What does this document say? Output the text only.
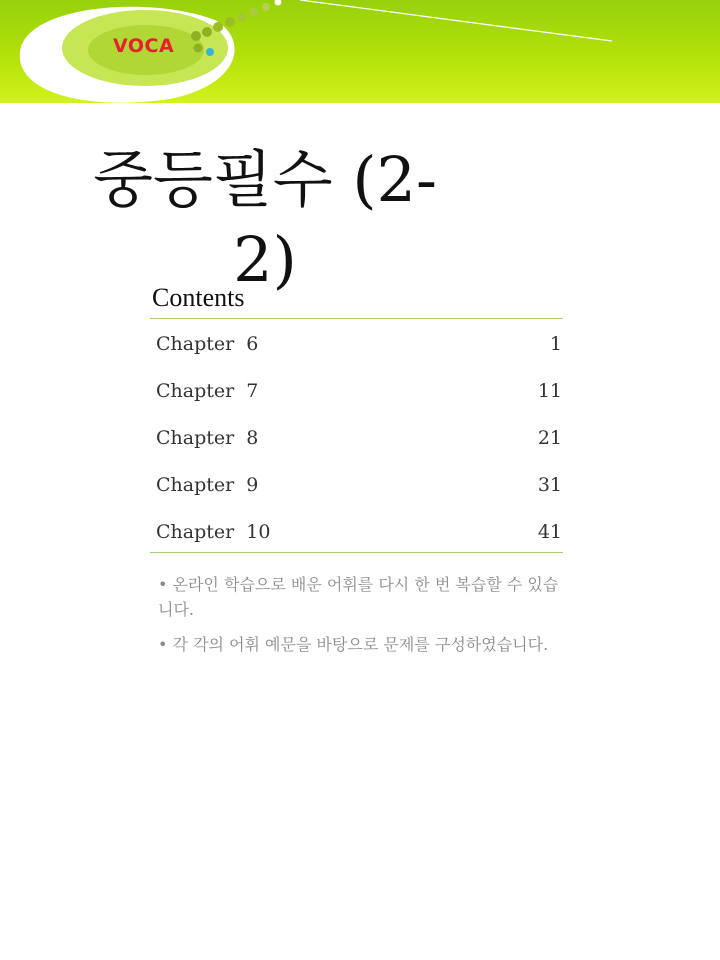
VOCA
중등필수 (2-2)
Contents
Chapter  6	1
Chapter  7	11
Chapter  8	21
Chapter  9	31
Chapter  10	41

• 온라인 학습으로 배운 어휘를 다시 한 번 복습할 수 있습니다.

• 각 각의 어휘 예문을 바탕으로 문제를 구성하였습니다.
